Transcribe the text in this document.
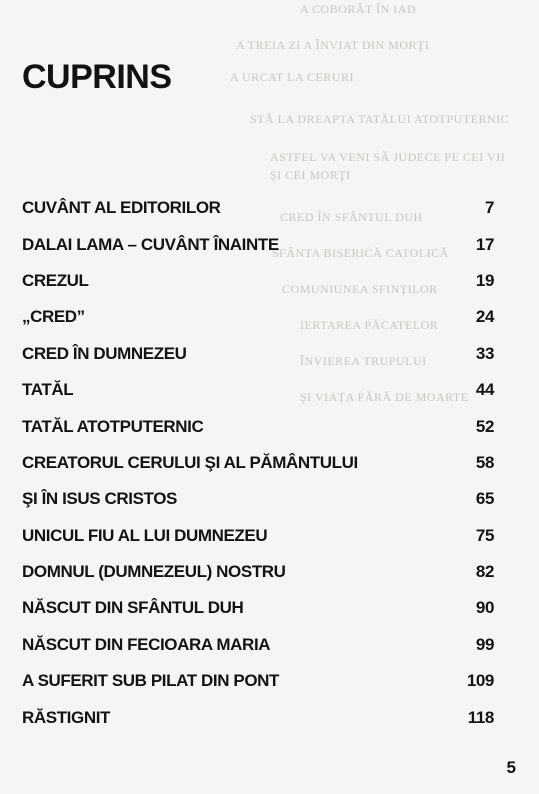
A COBORÂT ÎN IAD
A TREIA ZI A ÎNVIAT DIN MORŢI
A URCAT LA CERURI
STĂ LA DREAPTA TATĂLUI ATOTPUTERNIC
ASTFEL VA VENI SĂ JUDECE PE CEI VII
ŞI CEI MORŢI
CRED ÎN SFÂNTUL DUH
SFÂNTA BISERICĂ CATOLICĂ
COMUNIUNEA SFINŢILOR
IERTAREA PĂCATELOR
ÎNVIEREA TRUPULUI
ŞI VIAŢA FĂRĂ DE MOARTE
CUPRINS
CUVÂNT AL EDITORILOR	7
DALAI LAMA – CUVÂNT ÎNAINTE	17
CREZUL	19
„CRED”	24
CRED ÎN DUMNEZEU	33
TATĂL	44
TATĂL ATOTPUTERNIC	52
CREATORUL CERULUI ŞI AL PĂMÂNTULUI	58
ŞI ÎN ISUS CRISTOS	65
UNICUL FIU AL LUI DUMNEZEU	75
DOMNUL (DUMNEZEUL) NOSTRU	82
NĂSCUT DIN SFÂNTUL DUH	90
NĂSCUT DIN FECIOARA MARIA	99
A SUFERIT SUB PILAT DIN PONT	109
RĂSTIGNIT	118
5
